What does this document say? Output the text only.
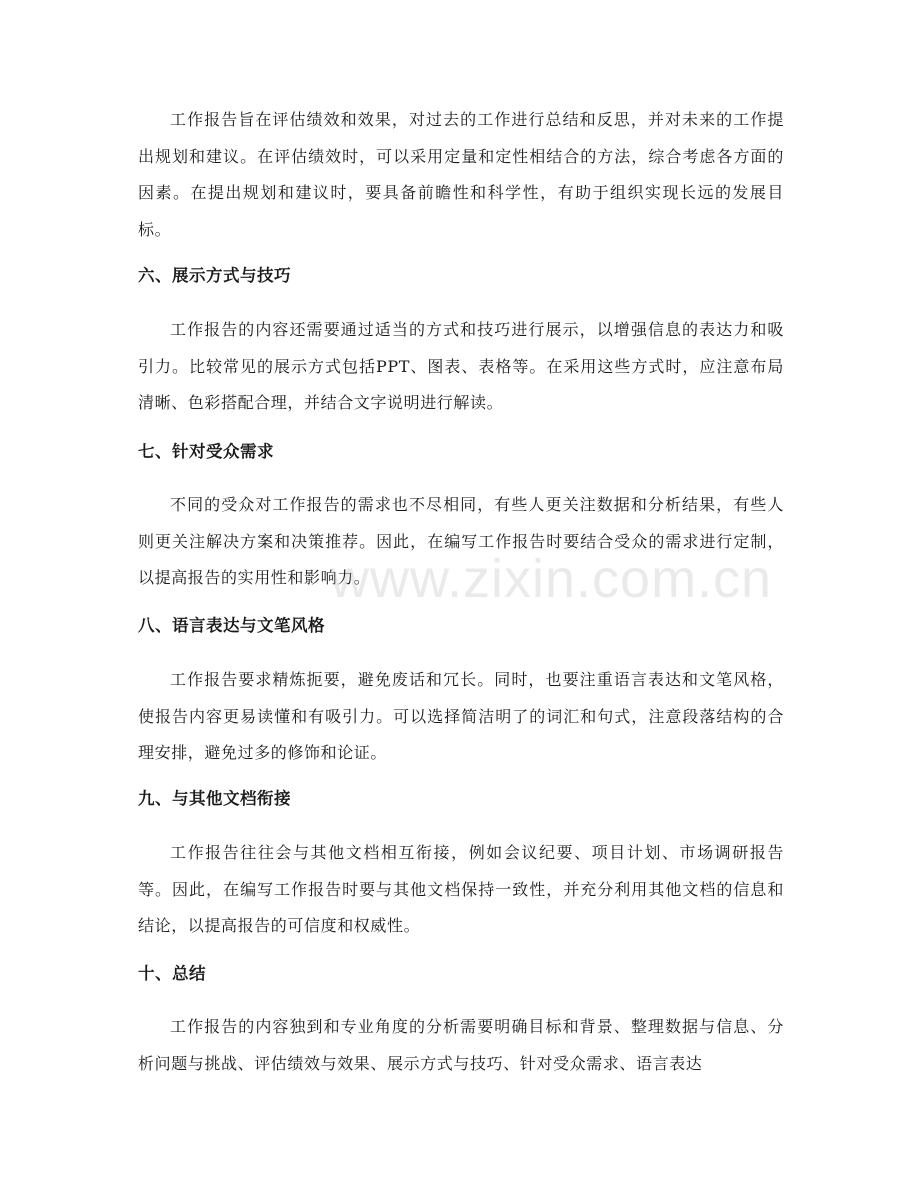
工作报告旨在评估绩效和效果，对过去的工作进行总结和反思，并对未来的工作提出规划和建议。在评估绩效时，可以采用定量和定性相结合的方法，综合考虑各方面的因素。在提出规划和建议时，要具备前瞻性和科学性，有助于组织实现长远的发展目标。

六、展示方式与技巧

工作报告的内容还需要通过适当的方式和技巧进行展示，以增强信息的表达力和吸引力。比较常见的展示方式包括PPT、图表、表格等。在采用这些方式时，应注意布局清晰、色彩搭配合理，并结合文字说明进行解读。

七、针对受众需求

不同的受众对工作报告的需求也不尽相同，有些人更关注数据和分析结果，有些人则更关注解决方案和决策推荐。因此，在编写工作报告时要结合受众的需求进行定制，以提高报告的实用性和影响力。

八、语言表达与文笔风格

工作报告要求精炼扼要，避免废话和冗长。同时，也要注重语言表达和文笔风格，使报告内容更易读懂和有吸引力。可以选择简洁明了的词汇和句式，注意段落结构的合理安排，避免过多的修饰和论证。

九、与其他文档衔接

工作报告往往会与其他文档相互衔接，例如会议纪要、项目计划、市场调研报告等。因此，在编写工作报告时要与其他文档保持一致性，并充分利用其他文档的信息和结论，以提高报告的可信度和权威性。

十、总结

工作报告的内容独到和专业角度的分析需要明确目标和背景、整理数据与信息、分析问题与挑战、评估绩效与效果、展示方式与技巧、针对受众需求、语言表达

www.zixin.com.cn
